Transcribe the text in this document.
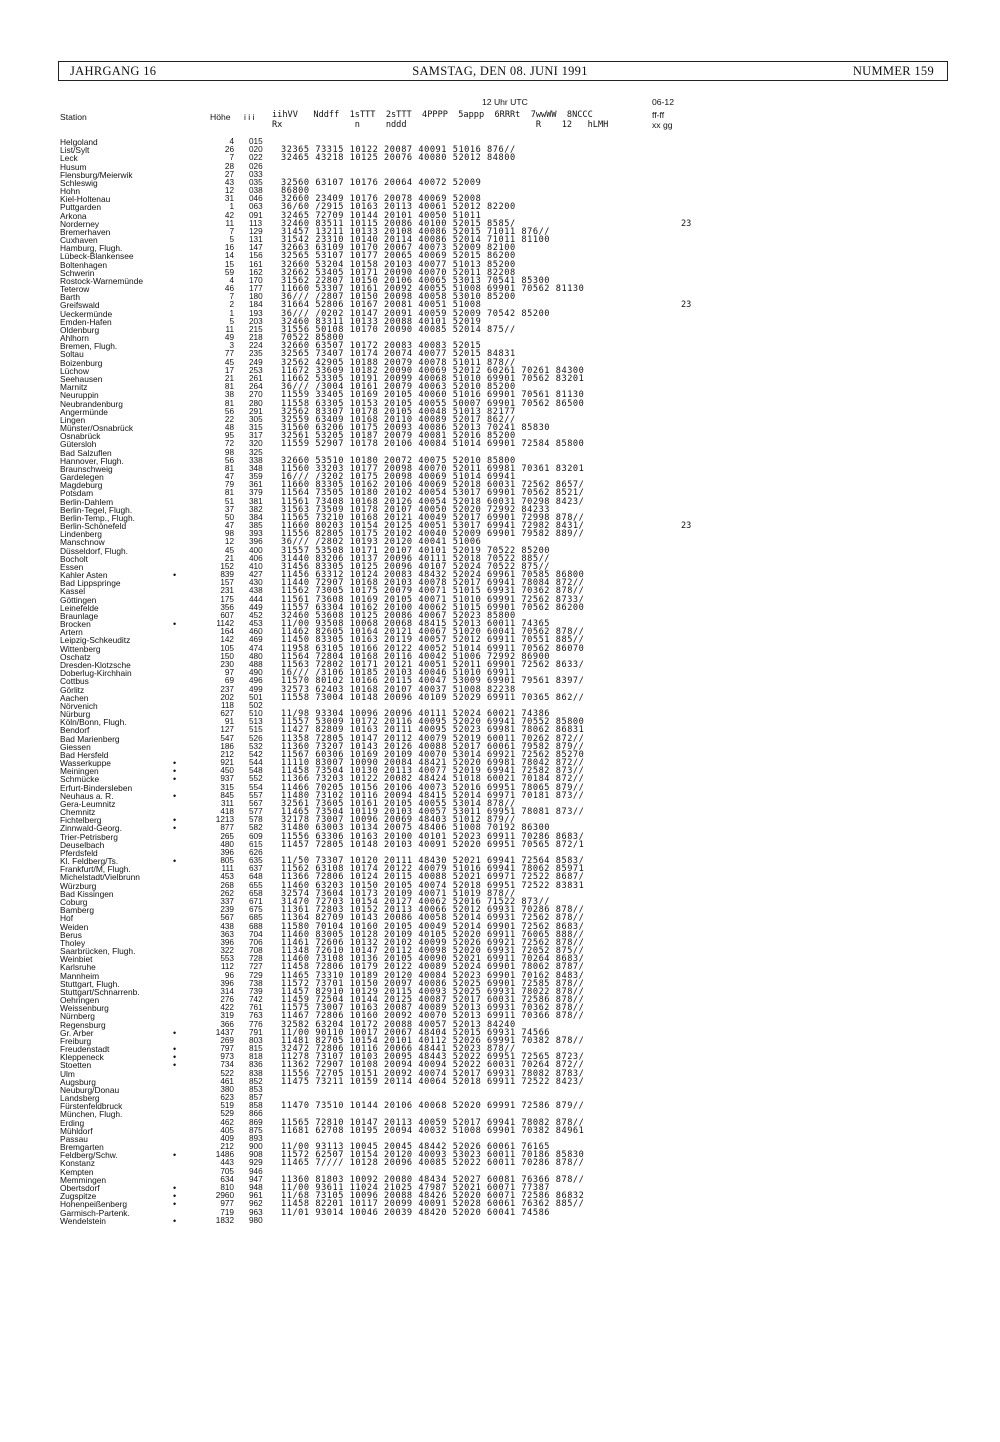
JAHRGANG 16	SAMSTAG, DEN 08. JUNI 1991	NUMMER 159
12 Uhr UTC	06-12
Station	Höhe i i i iihVV   Nddff  1sTTT  2sTTT  4PPPP  5appp  6RRRt  7wwWW  8NCCC
Rx              n     nddd                         R    12   hLMH
ff-ff
xx gg
Helgoland	4 015
List/Sylt	26 020 32365 73315 10122 20087 40091 51016 876//
Leck	7 022 32465 43218 10125 20076 40080 52012 84800
Husum	28 026
Flensburg/Meierwik	27 033
Schleswig	43 035 32560 63107 10176 20064 40072 52009
Hohn	12 038 86800
Kiel-Holtenau	31 046 32660 23409 10176 20078 40069 52008
Puttgarden	1 063 36/60 /2915 10163 20113 40061 52012 82200
Arkona	42 091 32465 72709 10144 20101 40050 51011
Norderney	11 113 32460 83511 10115 20086 40100 52015 8585/	23
Bremerhaven	7 129 31457 13211 10133 20108 40086 52015 71011 876//
Cuxhaven	5 131 31542 23310 10140 20114 40086 52014 71011 81100
Hamburg, Flugh.	16 147 32663 63109 10170 20067 40073 52009 82100
Lübeck-Blankensee	14 156 32565 53107 10177 20065 40069 52015 86200
Boltenhagen	15 161 32660 53204 10158 20103 40077 51013 85200
Schwerin	59 162 32662 53405 10171 20090 40070 52011 82208
Rostock-Warnemünde	4 170 31562 22807 10150 20106 40065 53013 70541 85300
Teterow	46 177 11660 53307 10161 20092 40055 51008 69901 70562 81130
Barth	7 180 36/// /2807 10150 20098 40058 53010 85200
Greifswald	2 184 31664 52806 10167 20081 40051 51008	23
Ueckermünde	1 193 36/// /0202 10147 20091 40059 52009 70542 85200
Emden-Hafen	5 203 32460 83311 10133 20088 40101 52019
Oldenburg	11 215 31556 50108 10170 20090 40085 52014 875//
Ahlhorn	49 218 70522 85800
Bremen, Flugh.	3 224 32660 63507 10172 20083 40083 52015
Soltau	77 235 32565 73407 10174 20074 40077 52015 84831
Boizenburg	45 249 32562 42905 10188 20079 40078 51011 878//
Lüchow	17 253 11672 33609 10182 20090 40069 52012 60261 70261 84300
Seehausen	21 261 11662 53305 10191 20099 40068 51010 69901 70562 83201
Marnitz	81 264 36/// /3004 10161 20079 40063 52010 85200
Neuruppin	38 270 11559 33405 10169 20105 40060 51016 69901 70561 81130
Neubrandenburg	81 280 11558 63305 10153 20105 40055 50007 69901 70562 86500
Angermünde	56 291 32562 83307 10178 20105 40048 51013 82177
Lingen	22 305 32559 63409 10168 20110 40089 52017 862//
Münster/Osnabrück	48 315 31560 63206 10175 20093 40086 52013 70241 85830
Osnabrück	95 317 32561 53205 10187 20079 40081 52016 85200
Gütersloh	72 320 11559 52907 10178 20106 40084 51014 69901 72584 85800
Bad Salzuflen	98 325
Hannover, Flugh.	56 338 32660 53510 10180 20072 40075 52010 85800
Braunschweig	81 348 11560 33203 10177 20098 40070 52011 69981 70361 83201
Gardelegen	47 359 16/// /3202 10175 20098 40069 51014 69941
Magdeburg	79 361 11660 83305 10162 20106 40069 52018 60031 72562 8657/
Potsdam	81 379 11564 73505 10180 20102 40054 53017 69901 70562 8521/
Berlin-Dahlem	51 381 11561 73408 10168 20126 40054 52018 60031 70298 8423/
Berlin-Tegel, Flugh.	37 382 31563 73509 10178 20107 40050 52020 72992 84233
Berlin-Temp., Flugh.	50 384 11565 73210 10168 20121 40049 52017 69901 72998 878//
Berlin-Schönefeld	47 385 11660 80203 10154 20125 40051 53017 69941 72982 8431/	23
Lindenberg	98 393 11556 82805 10175 20102 40040 52009 69901 79582 889//
Manschnow	12 396 36/// /2802 10193 20120 40041 51006
Düsseldorf, Flugh.	45 400 31557 53508 10171 20107 40101 52019 70522 85200
Bocholt	21 406 31440 83206 10137 20096 40111 52018 70522 885//
Essen	152 410 31456 83305 10125 20096 40107 52024 70522 875//
Kahler Asten	•	839 427 11456 63312 10124 20083 48432 52024 69961 70585 86800
Bad Lippspringe	157 430 11440 72907 10168 20103 40078 52017 69941 78084 872//
Kassel	231 438 11562 73005 10175 20079 40071 51015 69931 70362 878//
Göttingen	175 444 11561 73608 10169 20105 40071 51010 69991 72562 8733/
Leinefelde	356 449 11557 63304 10162 20100 40062 51015 69901 70562 86200
Braunlage	607 452 32460 53608 10125 20086 40067 52023 85800
Brocken	•	1142 453 11/00 93508 10068 20068 48415 52013 60011 74365
Artern	164 460 11462 82605 10164 20121 40067 51020 60041 70562 878//
Leipzig-Schkeuditz	142 469 11450 83305 10163 20119 40057 52012 69911 70551 885//
Wittenberg	105 474 11958 63105 10166 20122 40052 51014 69911 70562 86070
Oschatz	150 480 11564 72804 10168 20116 40042 51006 72992 86900
Dresden-Klotzsche	230 488 11563 72802 10171 20121 40051 52011 69901 72562 8633/
Doberlug-Kirchhain	97 490 16/// /3106 10185 20103 40046 51010 69911
Cottbus	69 496 11570 80102 10166 20115 40047 53009 69901 79561 8397/
Görlitz	237 499 32573 62403 10168 20107 40037 51008 82238
Aachen	202 501 11558 73004 10148 20096 40109 52029 69911 70365 862//
Nörvenich	118 502
Nürburg	627 510 11/98 93304 10096 20096 40111 52024 60021 74386
Köln/Bonn, Flugh.	91 513 11557 53009 10172 20116 40095 52020 69941 70552 85800
Bendorf	127 515 11427 82809 10163 20111 40095 52023 69981 78062 86831
Bad Marienberg	547 526 11358 72805 10147 20112 40079 52019 60011 70262 872//
Giessen	186 532 11360 73207 10143 20126 40088 52017 60061 79582 879//
Bad Hersfeld	212 542 11567 60306 10169 20109 40070 53014 69921 72562 85270
Wasserkuppe	•	921 544 11110 83007 10090 20084 48421 52020 69981 78042 872//
Meiningen	•	450 548 11458 73504 10130 20113 40077 52019 69941 72582 873//
Schmücke	•	937 552 11366 73203 10122 20082 48424 51018 60021 70184 872//
Erfurt-Bindersleben	315 554 11466 70205 10156 20106 40073 52016 69951 78065 879//
Neuhaus a. R.	•	845 557 11480 73102 10116 20094 48415 52014 69971 70181 873//
Gera-Leumnitz	311 567 32561 73605 10161 20105 40055 53014 878//
Chemnitz	418 577 11465 73504 10119 20103 40057 53011 69951 78081 873//
Fichtelberg	•	1213 578 32178 73007 10096 20069 48403 51012 879//
Zinnwald-Georg.	•	877 582 31480 63003 10134 20075 48406 51008 70192 86300
Trier-Petrisberg	265 609 11556 63306 10163 20100 40101 52023 69911 70286 8683/
Deuselbach	480 615 11457 72805 10148 20103 40091 52020 69951 70565 872/1
Pferdsfeld	396 626
Kl. Feldberg/Ts.	•	805 635 11/50 73307 10120 20111 48430 52021 69941 72564 8583/
Frankfurt/M, Flugh.	111 637 11562 63108 10174 20122 40079 51016 69941 78062 85971
Michelstadt/Vielbrunn	453 648 11366 72806 10124 20115 40088 52021 69971 72522 8687/
Würzburg	268 655 11460 63203 10150 20105 40074 52018 69951 72522 83831
Bad Kissingen	262 658 32574 73604 10173 20109 40071 51019 878//
Coburg	337 671 31470 72703 10154 20127 40062 52016 71522 873//
Bamberg	239 675 11361 72803 10152 20113 40066 52012 69931 70286 878//
Hof	567 685 11364 82709 10143 20086 40058 52014 69931 72562 878//
Weiden	438 688 11580 70104 10160 20105 40049 52014 69901 72562 8683/
Berus	363 704 11460 83005 10128 20109 40105 52020 69911 76065 888//
Tholey	396 706 11461 72606 10132 20102 40099 52026 69921 72562 878//
Saarbrücken, Flugh.	322 708 11348 72610 10147 20112 40098 52020 69931 72052 875//
Weinbiet	553 728 11460 73108 10136 20105 40090 52021 69911 70264 8683/
Karlsruhe	112 727 11458 72806 10179 20122 40089 52024 69901 78062 8787/
Mannheim	96 729 11465 73310 10189 20120 40084 52023 69901 70162 8483/
Stuttgart, Flugh.	396 738 11572 73701 10150 20097 40086 52025 69901 72585 878//
Stuttgart/Schnarrenb.	314 739 11457 82910 10129 20115 40093 52025 69931 78022 878//
Oehringen	276 742 11459 72504 10144 20125 40087 52017 60031 72586 878//
Weissenburg	422 761 11575 73007 10163 20087 40089 52013 69931 70362 878//
Nürnberg	319 763 11467 72806 10160 20092 40070 52013 69911 70366 878//
Regensburg	366 776 32582 63204 10172 20088 40057 52013 84240
Gr. Arber	•	1437 791 11/00 90110 10017 20067 48404 52015 69931 74566
Freiburg	269 803 11481 82705 10154 20101 40112 52026 69991 70382 878//
Freudenstadt	•	797 815 32472 72806 10116 20066 48441 52023 878//
Kleppeneck	•	973 818 11278 73107 10103 20095 48443 52022 69951 72565 8723/
Stoetten	•	734 836 11362 72907 10108 20094 40094 52022 60031 70264 872//
Ulm	522 838 11556 72705 10151 20092 40074 52017 69931 78082 8783/
Augsburg	461 852 11475 73211 10159 20114 40064 52018 69911 72522 8423/
Neuburg/Donau	380 853
Landsberg	623 857
Fürstenfeldbruck	519 858 11470 73510 10144 20106 40068 52020 69991 72586 879//
München, Flugh.	529 866
Erding	462 869 11565 72810 10147 20113 40059 52017 69941 78082 878//
Mühldorf	405 875 11681 62708 10195 20094 40032 51008 69901 70382 84961
Passau	409 893
Bremgarten	212 900 11/00 93113 10045 20045 48442 52026 60061 76165
Feldberg/Schw.	•	1486 908 11572 62507 10154 20120 40093 53023 60011 70186 85830
Konstanz	443 929 11465 7//// 10128 20096 40085 52022 60011 70286 878//
Kempten	705 946
Memmingen	634 947 11360 81803 10092 20080 48434 52027 60081 76366 878//
Obertsdorf	•	810 948 11/00 93611 11024 21025 47987 52021 60071 77387
Zugspitze	•	2960 961 11/68 73105 10096 20088 48426 52020 60071 72586 86832
Hohenpeißenberg	•	977 962 11458 82201 10117 20099 40091 52028 60061 76362 885//
Garmisch-Partenk.	719 963 11/01 93014 10046 20039 48420 52020 60041 74586
Wendelstein	•	1832 980
